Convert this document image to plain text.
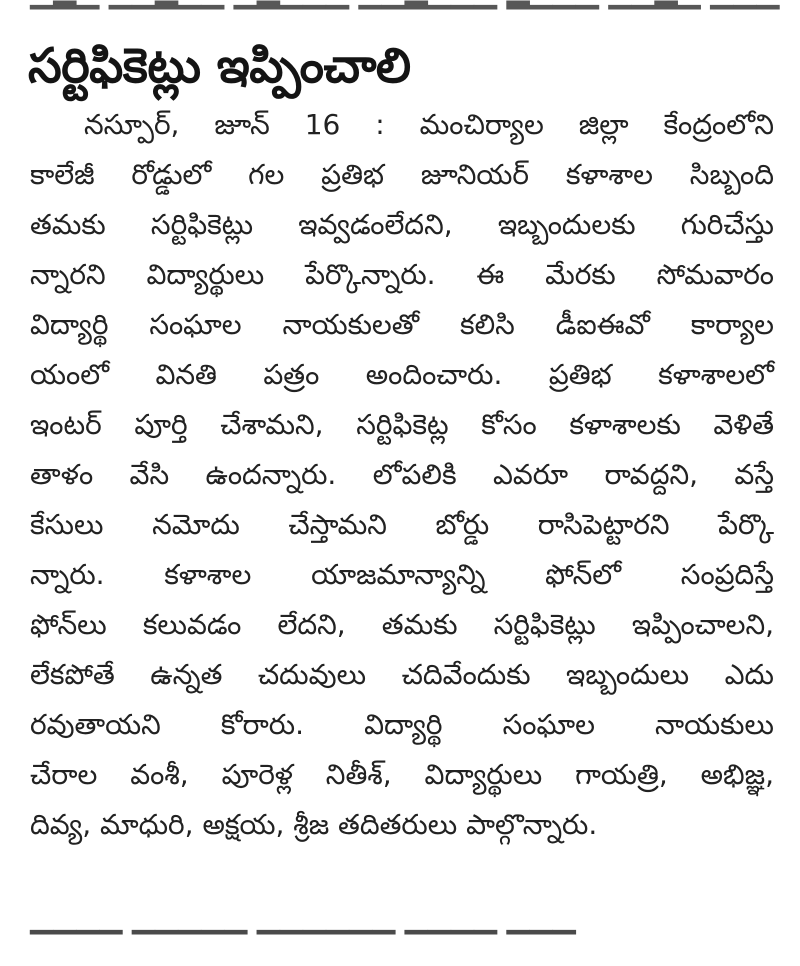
సర్టిఫికెట్లు ఇప్పించాలి
నస్పూర్, జూన్ 16 : మంచిర్యాల జిల్లా కేంద్రంలోని
కాలేజీ రోడ్డులో గల ప్రతిభ జూనియర్ కళాశాల సిబ్బంది
తమకు సర్టిఫికెట్లు ఇవ్వడంలేదని, ఇబ్బందులకు గురిచేస్తు
న్నారని విద్యార్థులు పేర్కొన్నారు. ఈ మేరకు సోమవారం
విద్యార్థి సంఘాల నాయకులతో కలిసి డీఐఈవో కార్యాల
యంలో వినతి పత్రం అందించారు. ప్రతిభ కళాశాలలో
ఇంటర్ పూర్తి చేశామని, సర్టిఫికెట్ల కోసం కళాశాలకు వెళితే
తాళం వేసి ఉందన్నారు. లోపలికి ఎవరూ రావద్దని, వస్తే
కేసులు నమోదు చేస్తామని బోర్డు రాసిపెట్టారని పేర్కొ
న్నారు. కళాశాల యాజమాన్యాన్ని ఫోన్‌లో సంప్రదిస్తే
ఫోన్‌లు కలువడం లేదని, తమకు సర్టిఫికెట్లు ఇప్పించాలని,
లేకపోతే ఉన్నత చదువులు చదివేందుకు ఇబ్బందులు ఎదు
రవుతాయని కోరారు. విద్యార్థి సంఘాల నాయకులు
చేరాల వంశీ, పూరెళ్ల నితీశ్, విద్యార్థులు గాయత్రి, అభిజ్ఞ,
దివ్య, మాధురి, అక్షయ, శ్రీజ తదితరులు పాల్గొన్నారు.
▔▔▔▔ ▔▔▔▔▔ ▔▔▔▔▔▔ ▔▔▔▔ ▔▔▔
